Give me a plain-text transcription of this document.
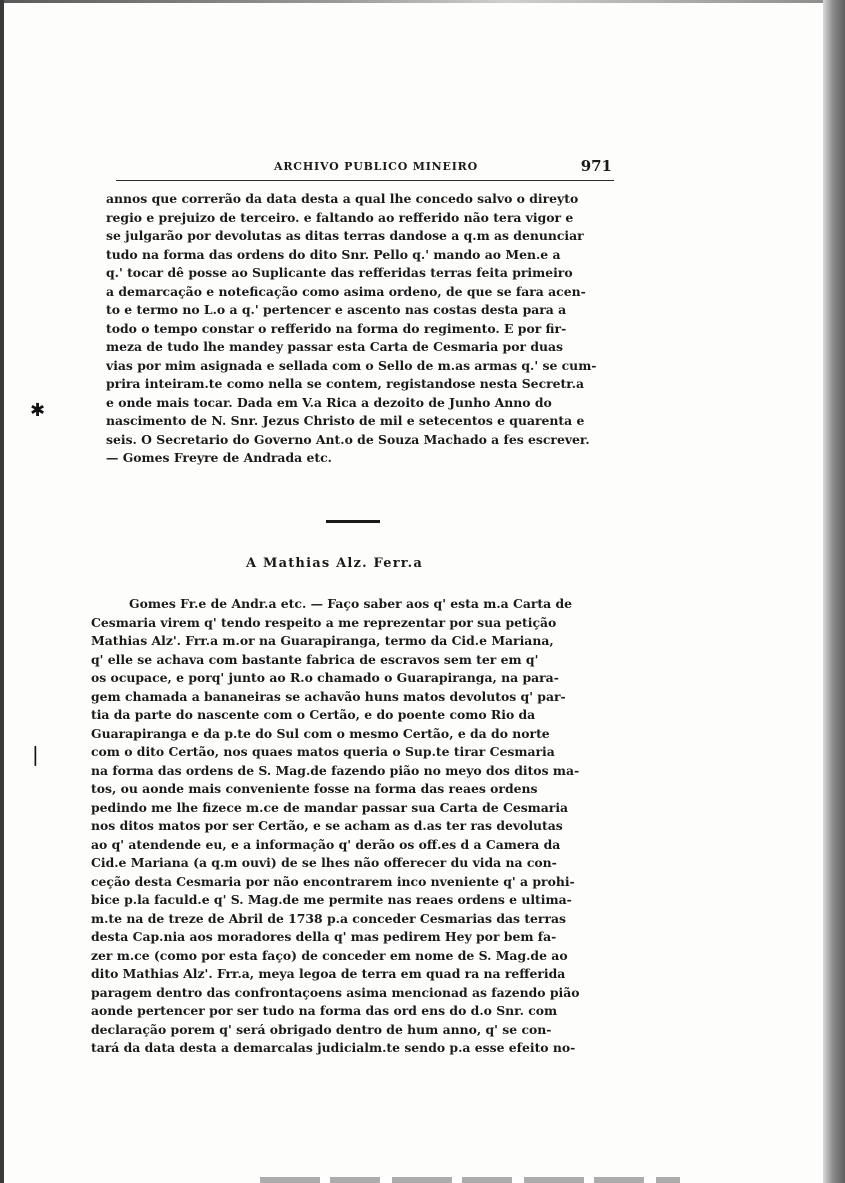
ARCHIVO PUBLICO MINEIRO	971
annos que correrão da data desta a qual lhe concedo salvo o direyto
regio e prejuizo de terceiro. e faltando ao refferido não tera vigor e
se julgarão por devolutas as ditas terras dandose a q.m as denunciar
tudo na forma das ordens do dito Snr. Pello q.' mando ao Men.e a
q.' tocar dê posse ao Suplicante das refferidas terras feita primeiro
a demarcação e noteficação como asima ordeno, de que se fara acen-
to e termo no L.o a q.' pertencer e ascento nas costas desta para a
todo o tempo constar o refferido na forma do regimento. E por fir-
meza de tudo lhe mandey passar esta Carta de Cesmaria por duas
vias por mim asignada e sellada com o Sello de m.as armas q.' se cum-
prira inteiram.te como nella se contem, registandose nesta Secretr.a
e onde mais tocar. Dada em V.a Rica a dezoito de Junho Anno do
nascimento de N. Snr. Jezus Christo de mil e setecentos e quarenta e
seis. O Secretario do Governo Ant.o de Souza Machado a fes escrever.
— Gomes Freyre de Andrada etc.
✱
A Mathias Alz. Ferr.a
Gomes Fr.e de Andr.a etc. — Faço saber aos q' esta m.a Carta de
Cesmaria virem q' tendo respeito a me reprezentar por sua petição
Mathias Alz'. Frr.a m.or na Guarapiranga, termo da Cid.e Mariana,
q' elle se achava com bastante fabrica de escravos sem ter em q'
os ocupace, e porq' junto ao R.o chamado o Guarapiranga, na para-
gem chamada a bananeiras se achavão huns matos devolutos q' par-
tia da parte do nascente com o Certão, e do poente como Rio da
Guarapiranga e da p.te do Sul com o mesmo Certão, e da do norte
com o dito Certão, nos quaes matos queria o Sup.te tirar Cesmaria
na forma das ordens de S. Mag.de fazendo pião no meyo dos ditos ma-
tos, ou aonde mais conveniente fosse na forma das reaes ordens
pedindo me lhe fizece m.ce de mandar passar sua Carta de Cesmaria
nos ditos matos por ser Certão, e se acham as d.as ter ras devolutas
ao q' atendende eu, e a informação q' derão os off.es d a Camera da
Cid.e Mariana (a q.m ouvi) de se lhes não offerecer du vida na con-
ceção desta Cesmaria por não encontrarem inco nveniente q' a prohi-
bice p.la faculd.e q' S. Mag.de me permite nas reaes ordens e ultima-
m.te na de treze de Abril de 1738 p.a conceder Cesmarias das terras
desta Cap.nia aos moradores della q' mas pedirem Hey por bem fa-
zer m.ce (como por esta faço) de conceder em nome de S. Mag.de ao
dito Mathias Alz'. Frr.a, meya legoa de terra em quad ra na refferida
paragem dentro das confrontaçoens asima mencionad as fazendo pião
aonde pertencer por ser tudo na forma das ord ens do d.o Snr. com
declaração porem q' será obrigado dentro de hum anno, q' se con-
tará da data desta a demarcalas judicialm.te sendo p.a esse efeito no-
❘
